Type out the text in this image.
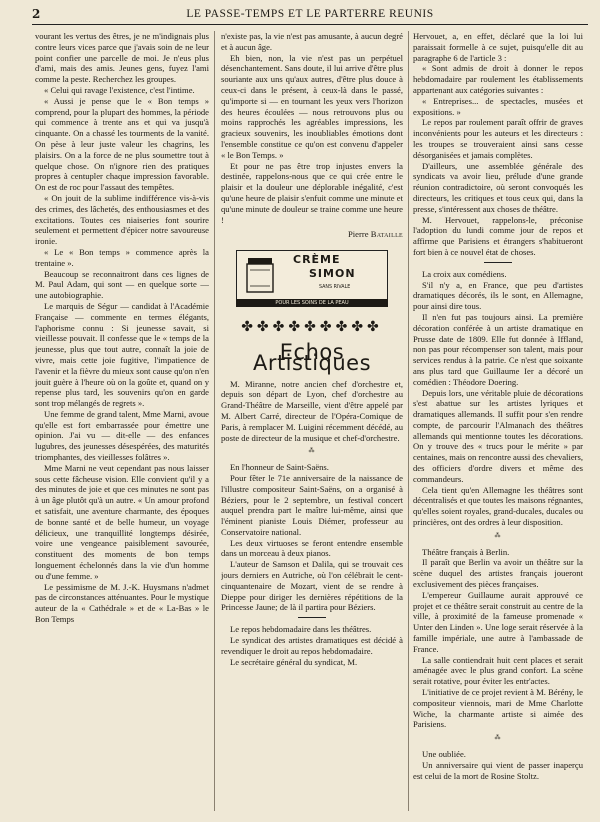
2	LE PASSE-TEMPS ET LE PARTERRE REUNIS

vourant les vertus des êtres, je ne m'indignais plus contre leurs vices parce que j'avais soin de ne leur point confier une parcelle de moi. Je n'eus plus d'ami, mais des amis. Jeunes gens, fuyez l'ami comme la peste. Recherchez les groupes.

« Celui qui ravage l'existence, c'est l'intime.

« Aussi je pense que le « Bon temps » comprend, pour la plupart des hommes, la période qui commence à trente ans et qui va jusqu'à cinquante. On a chassé les tourments de la vanité. On pèse à leur juste valeur les chagrins, les plaisirs. On a la force de ne plus soumettre tout à quelque chose. On n'ignore rien des pratiques propres à centupler chaque impression favorable. On est de roc pour l'assaut des tempêtes.

« On jouit de la sublime indifférence vis-à-vis des crimes, des lâchetés, des enthousiasmes et des excitations. Toutes ces niaiseries font sourire seulement et permettent d'épicer notre savoureuse ironie.

« Le « Bon temps » commence après la trentaine ».

Beaucoup se reconnaitront dans ces lignes de M. Paul Adam, qui sont — en quelque sorte — une autobiographie.

Le marquis de Ségur — candidat à l'Académie Française — commente en termes élégants, l'aphorisme connu : Si jeunesse savait, si vieillesse pouvait. Il confesse que le « temps de la jeunesse, plus que tout autre, connaît la joie de vivre, mais cette joie fugitive, l'impatience de l'avenir et la fièvre du mieux sont cause qu'on n'en jouit guère à l'heure où on la goûte et, quand on y repense plus tard, les souvenirs qu'on en garde sont trop mélangés de regrets ».

Une femme de grand talent, Mme Marni, avoue qu'elle est fort embarrassée pour émettre une opinion. J'ai vu — dit-elle — des enfances lugubres, des jeunesses désespérées, des maturités triomphantes, des vieillesses folâtres ».

Mme Marni ne veut cependant pas nous laisser sous cette fâcheuse vision. Elle convient qu'il y a des minutes de joie et que ces minutes ne sont pas à un âge plutôt qu'à un autre. « Un amour profond et satisfait, une aventure charmante, des époques de bonne santé et de belle humeur, un voyage délicieux, une tranquillité longtemps désirée, voire une vengeance paisiblement savourée, constituent des moments de bon temps longuement échelonnés dans la vie d'un homme ou d'une femme. »

Le pessimisme de M. J.-K. Huysmans n'admet pas de circonstances atténuantes. Pour le mystique auteur de la « Cathédrale » et de « La-Bas » le Bon Temps

n'existe pas, la vie n'est pas amusante, à aucun degré et à aucun âge.

Eh bien, non, la vie n'est pas un perpétuel désenchantement. Sans doute, il lui arrive d'être plus souriante aux uns qu'aux autres, d'être plus douce à ceux-ci dans le présent, à ceux-là dans le passé, qu'importe si — en tournant les yeux vers l'horizon des heures écoulées — nous retrouvons plus ou moins rapprochés les agréables impressions, les gracieux souvenirs, les inoubliables émotions dont l'ensemble constitue ce qu'on est convenu d'appeler « le Bon Temps. »

Et pour ne pas être trop injustes envers la destinée, rappelons-nous que ce qui crée entre le plaisir et la douleur une déplorable inégalité, c'est qu'une heure de plaisir s'enfuit comme une minute et qu'une minute de douleur se traine comme une heure !

Pierre Bataille
CRÈME
SIMON
SANS RIVALE
POUR LES SOINS DE LA PEAU
✤✤✤✤✤✤✤✤✤
Echos Artistiques

M. Miranne, notre ancien chef d'orchestre et, depuis son départ de Lyon, chef d'orchestre au Grand-Théâtre de Marseille, vient d'être appelé par M. Albert Carré, directeur de l'Opéra-Comique de Paris, à remplacer M. Luigini récemment décédé, au poste de directeur de la musique et chef-d'orchestre.

⁂

En l'honneur de Saint-Saëns.

Pour fêter le 71e anniversaire de la naissance de l'illustre compositeur Saint-Saëns, on a organisé à Béziers, pour le 2 septembre, un festival concert auquel prendra part le maître lui-même, ainsi que l'éminent pianiste Louis Diémer, professeur au Conservatoire national.

Les deux virtuoses se feront entendre ensemble dans un morceau à deux pianos.

L'auteur de Samson et Dalila, qui se trouvait ces jours derniers en Autriche, où l'on célébrait le cent-cinquantenaire de Mozart, vient de se rendre à Dieppe pour diriger les dernières répétitions de la Princesse Jaune; de là il partira pour Béziers.

Le repos hebdomadaire dans les théâtres.

Le syndicat des artistes dramatiques est décidé à revendiquer le droit au repos hebdomadaire.

Le secrétaire général du syndicat, M.

Hervouet, a, en effet, déclaré que la loi lui paraissait formelle à ce sujet, puisqu'elle dit au paragraphe 6 de l'article 3 :

« Sont admis de droit à donner le repos hebdomadaire par roulement les établissements appartenant aux catégories suivantes :

« Entreprises... de spectacles, musées et expositions. »

Le repos par roulement paraît offrir de graves inconvénients pour les auteurs et les directeurs : les troupes se trouveraient ainsi sans cesse désorganisées et jamais complètes.

D'ailleurs, une assemblée générale des syndicats va avoir lieu, prélude d'une grande réunion contradictoire, où seront convoqués les directeurs, les critiques et tous ceux qui, dans la presse, s'intéressent aux choses de théâtre.

M. Hervouet, rappelons-le, préconise l'adoption du lundi comme jour de repos et affirme que Parisiens et étrangers s'habitueront fort bien à ce nouvel état de choses.

La croix aux comédiens.

S'il n'y a, en France, que peu d'artistes dramatiques décorés, ils le sont, en Allemagne, pour ainsi dire tous.

Il n'en fut pas toujours ainsi. La première décoration conférée à un artiste dramatique en Prusse date de 1809. Elle fut donnée à Iffland, non pas pour récompenser son talent, mais pour services rendus à la patrie. Ce n'est que soixante ans plus tard que Guillaume Ier a décoré un comédien : Théodore Doering.

Depuis lors, une véritable pluie de décorations s'est abattue sur les artistes lyriques et dramatiques allemands. Il suffit pour s'en rendre compte, de parcourir l'Almanach des théâtres allemands qui mentionne toutes les décorations. On y trouve des « trucs pour le mérite » par centaines, mais on rencontre aussi des chevaliers, des officiers d'ordre divers et même des commandeurs.

Cela tient qu'en Allemagne les théâtres sont décentralisés et que toutes les maisons régnantes, qu'elles soient royales, grand-ducales, ducales ou princières, ont des ordres à leur disposition.

⁂

Théâtre français à Berlin.

Il paraît que Berlin va avoir un théâtre sur la scène duquel des artistes français joueront exclusivement des pièces françaises.

L'empereur Guillaume aurait approuvé ce projet et ce théâtre serait construit au centre de la ville, à proximité de la fameuse promenade « Unter den Linden ». Une loge serait réservée à la famille impériale, une autre à l'ambassade de France.

La salle contiendrait huit cent places et serait aménagée avec le plus grand confort. La scène serait rotative, pour éviter les entr'actes.

L'initiative de ce projet revient à M. Bérény, le compositeur viennois, mari de Mme Charlotte Wiche, la charmante artiste si aimée des Parisiens.

⁂

Une oubliée.

Un anniversaire qui vient de passer inaperçu est celui de la mort de Rosine Stoltz.
